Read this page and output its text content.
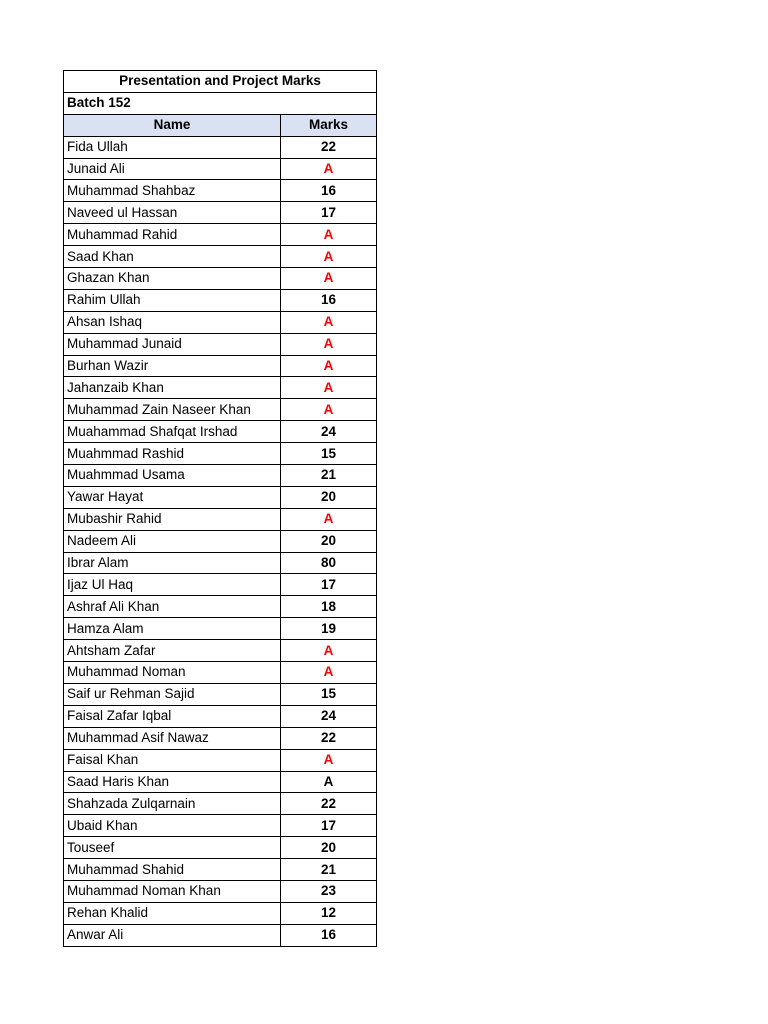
Presentation and Project Marks	
Batch 152	
Name	Marks
Fida Ullah	22
Junaid Ali	A
Muhammad Shahbaz	16
Naveed ul Hassan	17
Muhammad Rahid	A
Saad Khan	A
Ghazan Khan	A
Rahim Ullah	16
Ahsan Ishaq	A
Muhammad Junaid	A
Burhan Wazir	A
Jahanzaib Khan	A
Muhammad Zain Naseer Khan	A
Muahammad Shafqat Irshad	24
Muahmmad Rashid	15
Muahmmad Usama	21
Yawar Hayat	20
Mubashir Rahid	A
Nadeem Ali	20
Ibrar Alam	80
Ijaz Ul Haq	17
Ashraf Ali Khan	18
Hamza Alam	19
Ahtsham Zafar	A
Muhammad Noman	A
Saif ur Rehman Sajid	15
Faisal Zafar Iqbal	24
Muhammad Asif Nawaz	22
Faisal Khan	A
Saad Haris Khan	A
Shahzada Zulqarnain	22
Ubaid Khan	17
Touseef	20
Muhammad Shahid	21
Muhammad Noman Khan	23
Rehan Khalid	12
Anwar Ali	16
